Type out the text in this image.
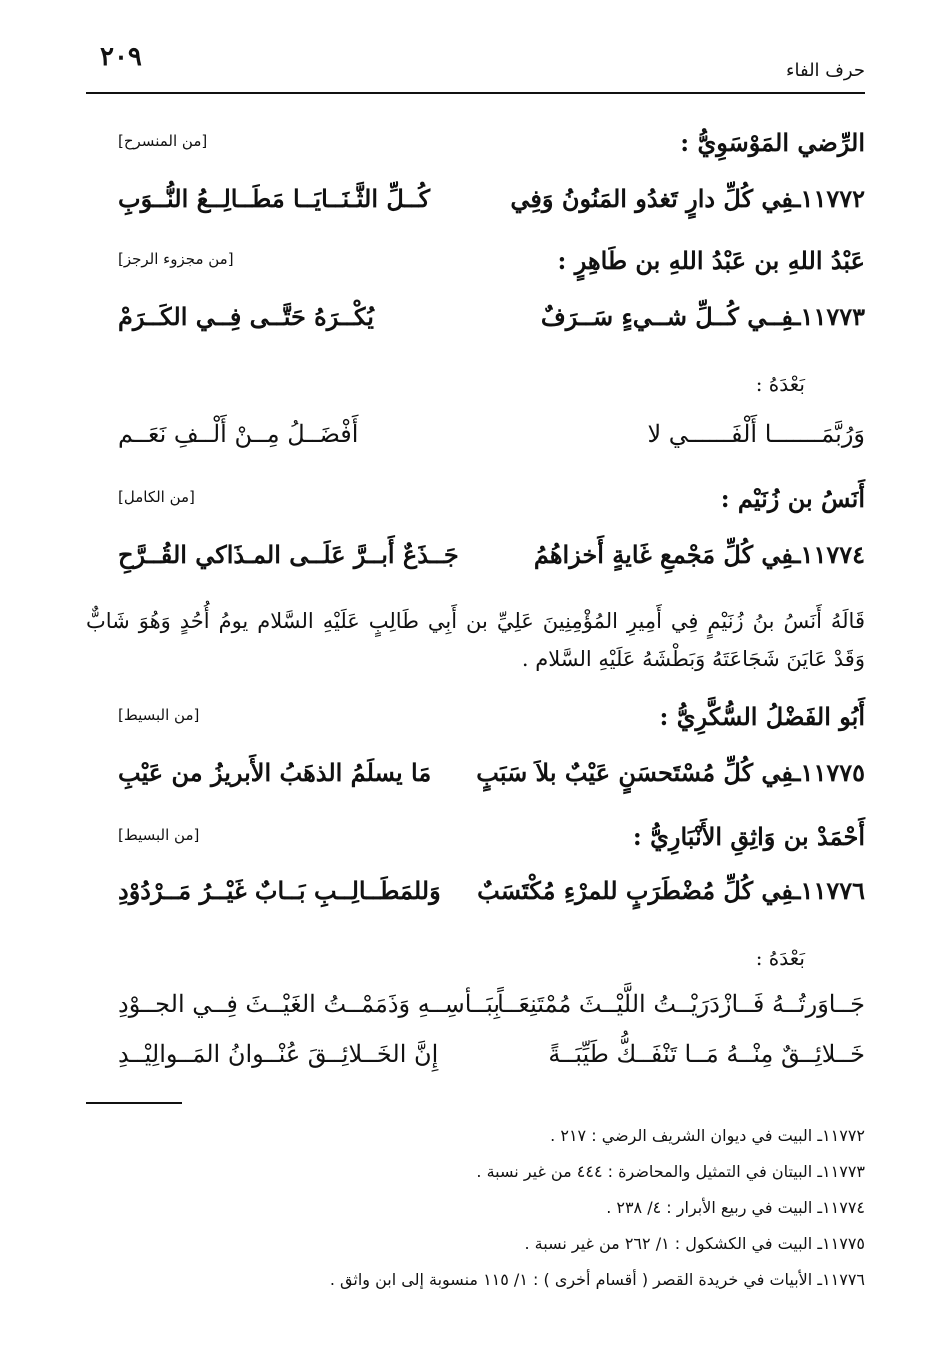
٢٠٩	حرف الفاء
الرِّضي المَوْسَوِيُّ :
[من المنسرح]
١١٧٧٢ـفِي كُلِّ دارٍ تَغدُو المَنُونُ وَفِي
كُــلِّ الثَّـنَــايَــا مَطَــالِــعُ النُّــوَبِ
عَبْدُ اللهِ بن عَبْدُ اللهِ بن طَاهِرٍ :
[من مجزوء الرجز]
١١٧٧٣ـفِــي كُــلِّ شــيءٍ سَــرَفٌ
يُكْــرَهُ حَتَّــى فِــي الكَــرَمْ
بَعْدَهُ :
وَرُبَّمَـــــــا أَلْفَــــــي لا
أَفْضَــلُ مِــنْ أَلْــفِ نَعَــم
أَنَسُ بن زُنَيْم :
[من الكامل]
١١٧٧٤ـفِي كُلِّ مَجْمعِ غَايةٍ أَخزاهُمُ
جَــذَعٌ أَبــرَّ عَلَــى المـذَاكي القُــرَّحِ
قَالَهُ أَنَسُ بنُ زُنَيْمٍ فِي أَمِيرِ المُؤْمِنِينَ عَلِيِّ بن أَبِي طَالِبٍ عَلَيْهِ السَّلام يومُ أُحُدٍ وَهُوَ شَابٌّ وَقَدْ عَايَنَ شَجَاعَتَهُ وَبَطْشَهُ عَلَيْهِ السَّلام .
أَبُو الفَضْلُ السُّكَّرِيُّ :
[من البسيط]
١١٧٧٥ـفِي كُلِّ مُسْتَحسَنٍ عَيْبٌ بلاَ سَبَبٍ
مَا يسلَمُ الذهَبُ الأَبريزُ من عَيْبِ
أَحْمَدْ بن وَاثِقِ الأَنْبَارِيُّ :
[من البسيط]
١١٧٧٦ـفِي كُلِّ مُضْطَرَبٍ للمرْءِ مُكْتَسَبٌ
وَللمَطَــالِــبِ بَــابٌ غَيْــرُ مَــرْدُوْدِ
بَعْدَهُ :
جَــاوَرتُــهُ فَــازْدَرَيْــتُ اللَّيْــثَ مُمْتَنِعَــاً
بِبَــأسِــهِ وَذَمَمْــتُ الغَيْــثَ فِــي الجــوْدِ
خَــلائِــقٌ مِنْــهُ مَــا تَنْفَــكُّ طَيِّبَــةً
إِنَّ الخَــلائِــقَ عُنْــوانُ المَــوالِيْــدِ
١١٧٧٢ـ البيت في ديوان الشريف الرضي : ٢١٧ .
١١٧٧٣ـ البيتان في التمثيل والمحاضرة : ٤٤٤ من غير نسبة .
١١٧٧٤ـ البيت في ربيع الأبرار : ٤/ ٢٣٨ .
١١٧٧٥ـ البيت في الكشكول : ١/ ٢٦٢ من غير نسبة .
١١٧٧٦ـ الأبيات في خريدة القصر ( أقسام أخرى ) : ١/ ١١٥ منسوبة إلى ابن واثق .
